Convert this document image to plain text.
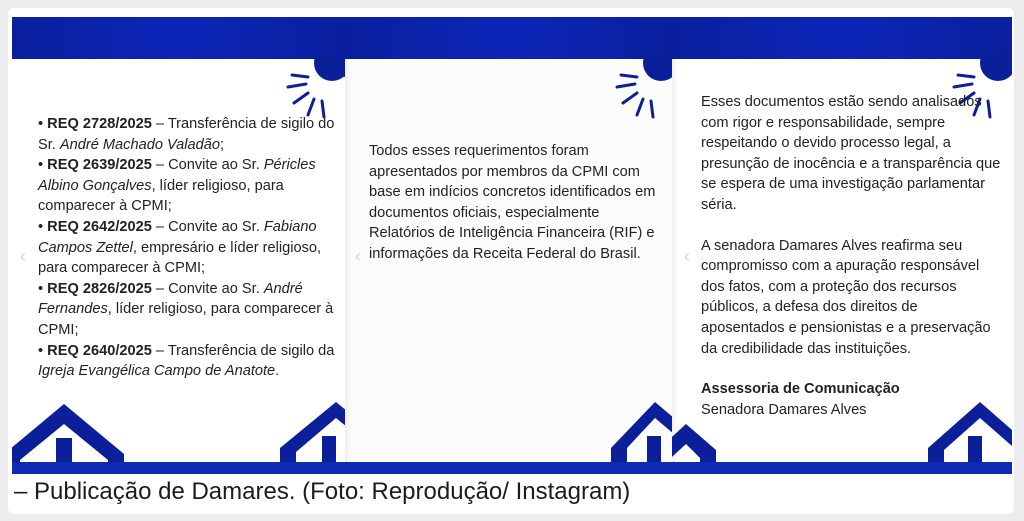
‹
• REQ 2728/2025 – Transferência de sigilo do Sr. André Machado Valadão;
• REQ 2639/2025 – Convite ao Sr. Péricles Albino Gonçalves, líder religioso, para comparecer à CPMI;
• REQ 2642/2025 – Convite ao Sr. Fabiano Campos Zettel, empresário e líder religioso, para comparecer à CPMI;
• REQ 2826/2025 – Convite ao Sr. André Fernandes, líder religioso, para comparecer à CPMI;
• REQ 2640/2025 – Transferência de sigilo da Igreja Evangélica Campo de Anatote.
‹
Todos esses requerimentos foram apresentados por membros da CPMI com base em indícios concretos identificados em documentos oficiais, especialmente Relatórios de Inteligência Financeira (RIF) e informações da Receita Federal do Brasil.	‹
Esses documentos estão sendo analisados com rigor e responsabilidade, sempre respeitando o devido processo legal, a presunção de inocência e a transparência que se espera de uma investigação parlamentar séria.
A senadora Damares Alves reafirma seu compromisso com a apuração responsável dos fatos, com a proteção dos recursos públicos, a defesa dos direitos de aposentados e pensionistas e a preservação da credibilidade das instituições.
Assessoria de Comunicação
Senadora Damares Alves
– Publicação de Damares. (Foto: Reprodução/ Instagram)
